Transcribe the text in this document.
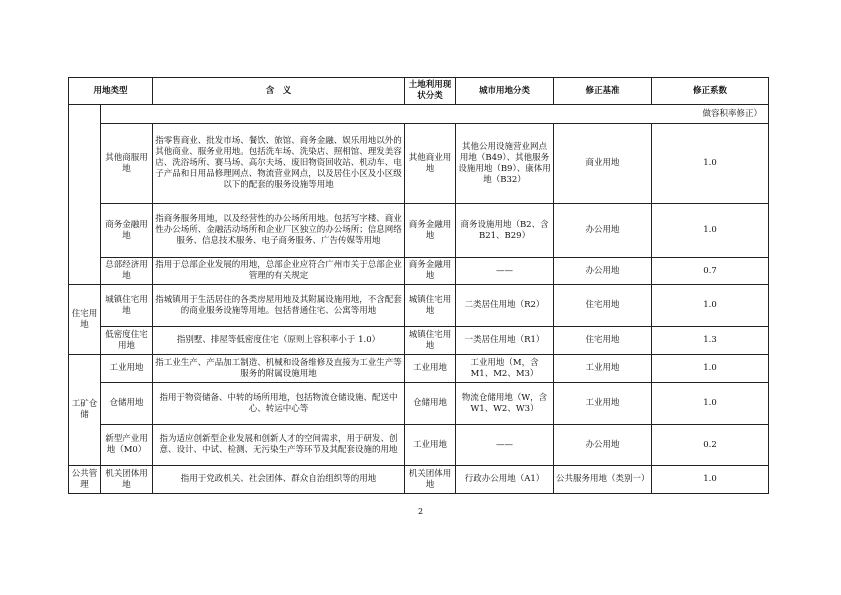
用地类型		含　义	土地利用现状分类	城市用地分类	修正基准	修正系数
						做容积率修正）
	其他商服用地	指零售商业、批发市场、餐饮、旅馆、商务金融、娱乐用地以外的其他商业、服务业用地。包括洗车场、洗染店、照相馆、理发美容店、洗浴场所、赛马场、高尔夫场、废旧物资回收站、机动车、电子产品和日用品修理网点、物流营业网点，以及居住小区及小区级以下的配套的服务设施等用地	其他商业用地	其他公用设施营业网点用地（B49）、其他服务设施用地（B9）、康体用地（B32）	商业用地	1.0
	商务金融用地	指商务服务用地，以及经营性的办公场所用地。包括写字楼、商业性办公场所、金融活动场所和企业厂区独立的办公场所；信息网络服务、信息技术服务、电子商务服务、广告传媒等用地	商务金融用地	商务设施用地（B2、含 B21、B29）	办公用地	1.0
	总部经济用地	指用于总部企业发展的用地，总部企业应符合广州市关于总部企业管理的有关规定	商务金融用地	——	办公用地	0.7
住宅用地	城镇住宅用地	指城镇用于生活居住的各类房屋用地及其附属设施用地，不含配套的商业服务设施等用地。包括普通住宅、公寓等用地	城镇住宅用地	二类居住用地（R2）	住宅用地	1.0
	低密度住宅用地	指别墅、排屋等低密度住宅（原则上容积率小于 1.0）	城镇住宅用地	一类居住用地（R1）	住宅用地	1.3
工矿仓储	工业用地	指工业生产、产品加工制造、机械和设备维修及直接为工业生产等服务的附属设施用地	工业用地	工业用地（M，含 M1、M2、M3）	工业用地	1.0
	仓储用地	指用于物资储备、中转的场所用地，包括物流仓储设施、配送中心、转运中心等	仓储用地	物流仓储用地（W，含 W1、W2、W3）	工业用地	1.0
	新型产业用地（M0）	指为适应创新型企业发展和创新人才的空间需求，用于研发、创意、设计、中试、检测、无污染生产等环节及其配套设施的用地	工业用地	——	办公用地	0.2
公共管理	机关团体用地	指用于党政机关、社会团体、群众自治组织等的用地	机关团体用地	行政办公用地（A1）	公共服务用地（类别一）	1.0
2
